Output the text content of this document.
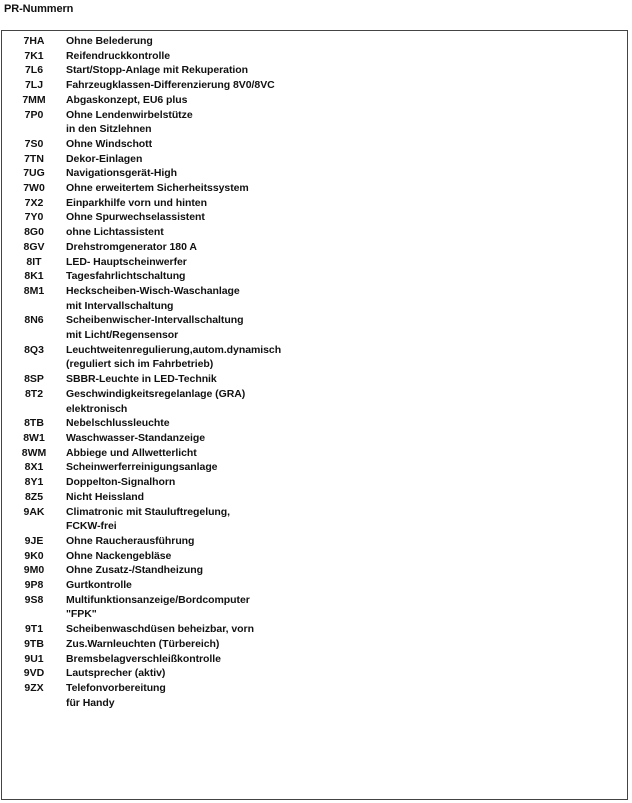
PR-Nummern
7HA	Ohne Belederung
7K1	Reifendruckkontrolle
7L6	Start/Stopp-Anlage mit Rekuperation
7LJ	Fahrzeugklassen-Differenzierung 8V0/8VC
7MM	Abgaskonzept, EU6 plus
7P0	Ohne Lendenwirbelstütze
in den Sitzlehnen
7S0	Ohne Windschott
7TN	Dekor-Einlagen
7UG	Navigationsgerät-High
7W0	Ohne erweitertem Sicherheitssystem
7X2	Einparkhilfe vorn und hinten
7Y0	Ohne Spurwechselassistent
8G0	ohne Lichtassistent
8GV	Drehstromgenerator 180 A
8IT	LED- Hauptscheinwerfer
8K1	Tagesfahrlichtschaltung
8M1	Heckscheiben-Wisch-Waschanlage
mit Intervallschaltung
8N6	Scheibenwischer-Intervallschaltung
mit Licht/Regensensor
8Q3	Leuchtweitenregulierung,autom.dynamisch
(reguliert sich im Fahrbetrieb)
8SP	SBBR-Leuchte in LED-Technik
8T2	Geschwindigkeitsregelanlage (GRA)
elektronisch
8TB	Nebelschlussleuchte
8W1	Waschwasser-Standanzeige
8WM	Abbiege und Allwetterlicht
8X1	Scheinwerferreinigungsanlage
8Y1	Doppelton-Signalhorn
8Z5	Nicht Heissland
9AK	Climatronic mit Stauluftregelung,
FCKW-frei
9JE	Ohne Raucherausführung
9K0	Ohne Nackengebläse
9M0	Ohne Zusatz-/Standheizung
9P8	Gurtkontrolle
9S8	Multifunktionsanzeige/Bordcomputer
"FPK"
9T1	Scheibenwaschdüsen beheizbar, vorn
9TB	Zus.Warnleuchten (Türbereich)
9U1	Bremsbelagverschleißkontrolle
9VD	Lautsprecher (aktiv)
9ZX	Telefonvorbereitung
für Handy
